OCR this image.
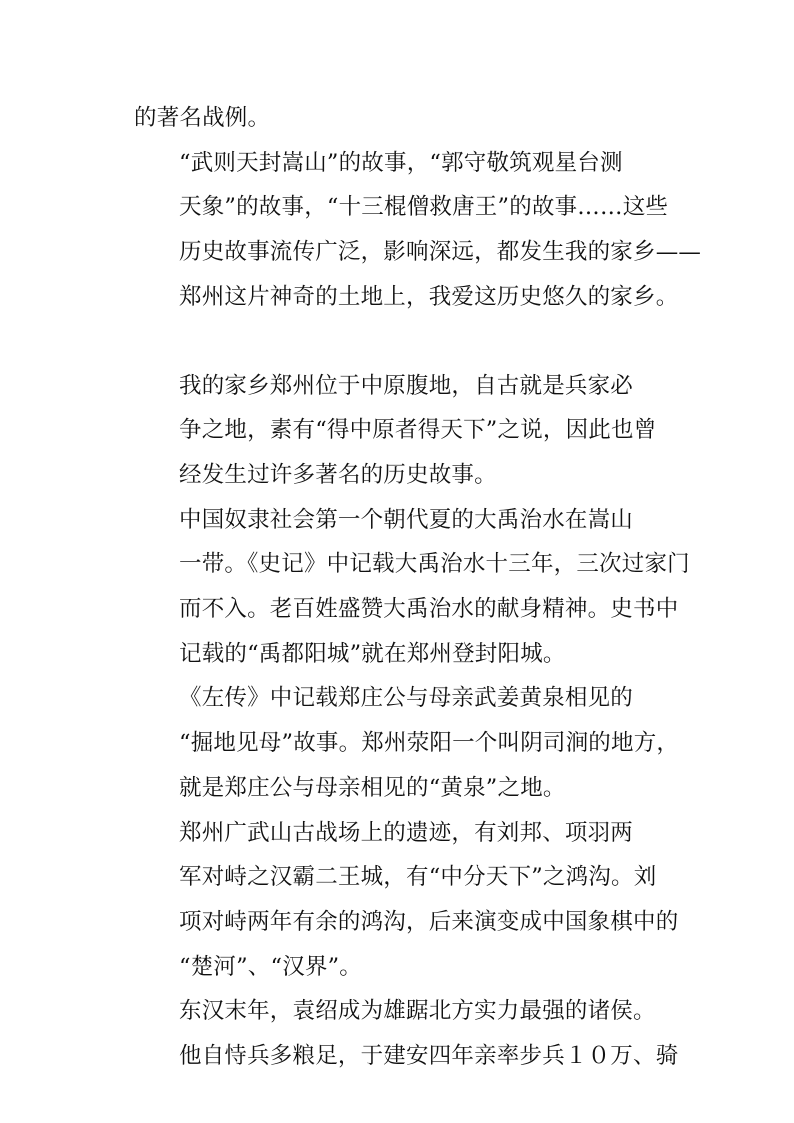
的著名战例。

“武则天封嵩山”的故事，“郭守敬筑观星台测
天象”的故事，“十三棍僧救唐王”的故事……这些
历史故事流传广泛，影响深远，都发生我的家乡——
郑州这片神奇的土地上，我爱这历史悠久的家乡。

我的家乡郑州位于中原腹地，自古就是兵家必
争之地，素有“得中原者得天下”之说，因此也曾
经发生过许多著名的历史故事。

中国奴隶社会第一个朝代夏的大禹治水在嵩山
一带。《史记》中记载大禹治水十三年，三次过家门
而不入。老百姓盛赞大禹治水的献身精神。史书中
记载的“禹都阳城”就在郑州登封阳城。

《左传》中记载郑庄公与母亲武姜黄泉相见的
“掘地见母”故事。郑州荥阳一个叫阴司涧的地方，
就是郑庄公与母亲相见的“黄泉”之地。

郑州广武山古战场上的遗迹，有刘邦、项羽两
军对峙之汉霸二王城，有“中分天下”之鸿沟。刘
项对峙两年有余的鸿沟，后来演变成中国象棋中的
“楚河”、“汉界”。

东汉末年，袁绍成为雄踞北方实力最强的诸侯。
他自恃兵多粮足，于建安四年亲率步兵１０万、骑
